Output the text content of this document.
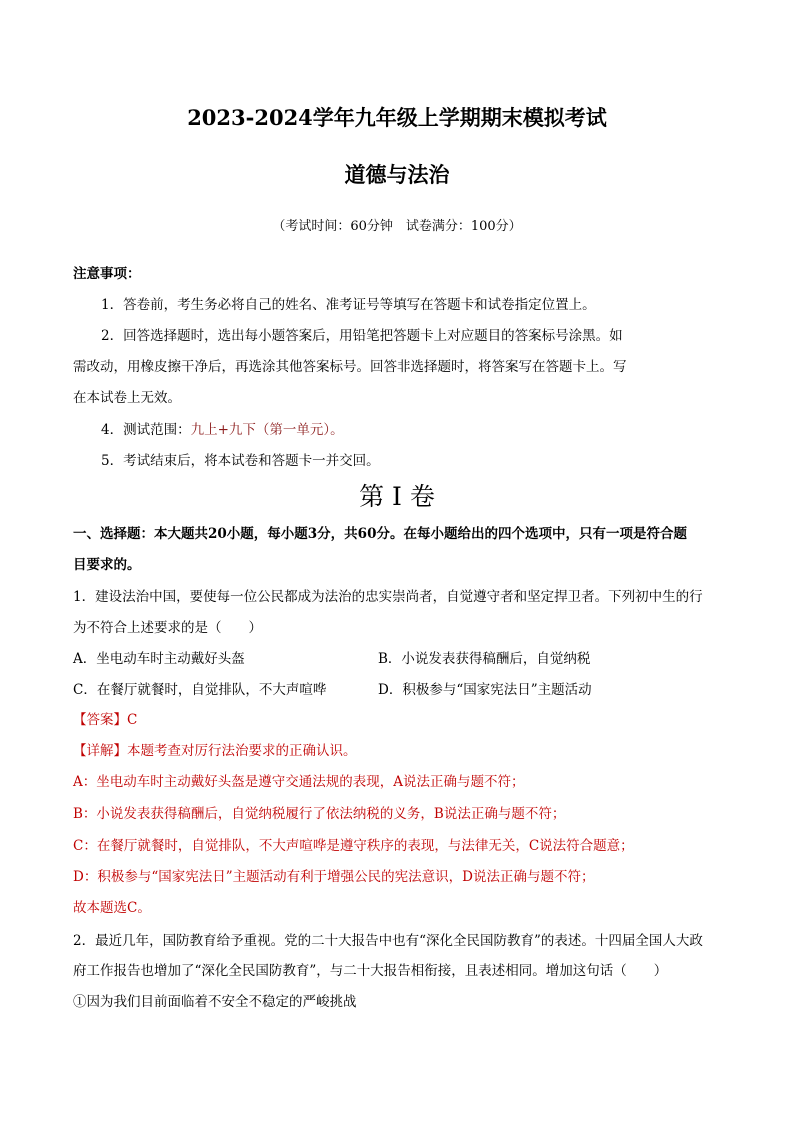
2023-2024学年九年级上学期期末模拟考试
道德与法治
（考试时间：60分钟　试卷满分：100分）
注意事项：
1．答卷前，考生务必将自己的姓名、准考证号等填写在答题卡和试卷指定位置上。
2．回答选择题时，选出每小题答案后，用铅笔把答题卡上对应题目的答案标号涂黑。如
需改动，用橡皮擦干净后，再选涂其他答案标号。回答非选择题时，将答案写在答题卡上。写
在本试卷上无效。
4．测试范围：九上+九下（第一单元）。
5．考试结束后，将本试卷和答题卡一并交回。
第 I 卷
一、选择题：本大题共20小题，每小题3分，共60分。在每小题给出的四个选项中，只有一项是符合题
目要求的。
1．建设法治中国，要使每一位公民都成为法治的忠实崇尚者，自觉遵守者和坚定捍卫者。下列初中生的行
为不符合上述要求的是（　　）
A．坐电动车时主动戴好头盔	B．小说发表获得稿酬后，自觉纳税
C．在餐厅就餐时，自觉排队，不大声喧哗	D．积极参与“国家宪法日”主题活动
【答案】C
【详解】本题考查对厉行法治要求的正确认识。
A：坐电动车时主动戴好头盔是遵守交通法规的表现，A说法正确与题不符；
B：小说发表获得稿酬后，自觉纳税履行了依法纳税的义务，B说法正确与题不符；
C：在餐厅就餐时，自觉排队，不大声喧哗是遵守秩序的表现，与法律无关，C说法符合题意；
D：积极参与“国家宪法日”主题活动有利于增强公民的宪法意识，D说法正确与题不符；
故本题选C。
2．最近几年，国防教育给予重视。党的二十大报告中也有“深化全民国防教育”的表述。十四届全国人大政
府工作报告也增加了“深化全民国防教育”，与二十大报告相衔接，且表述相同。增加这句话（　　）
①因为我们目前面临着不安全不稳定的严峻挑战
